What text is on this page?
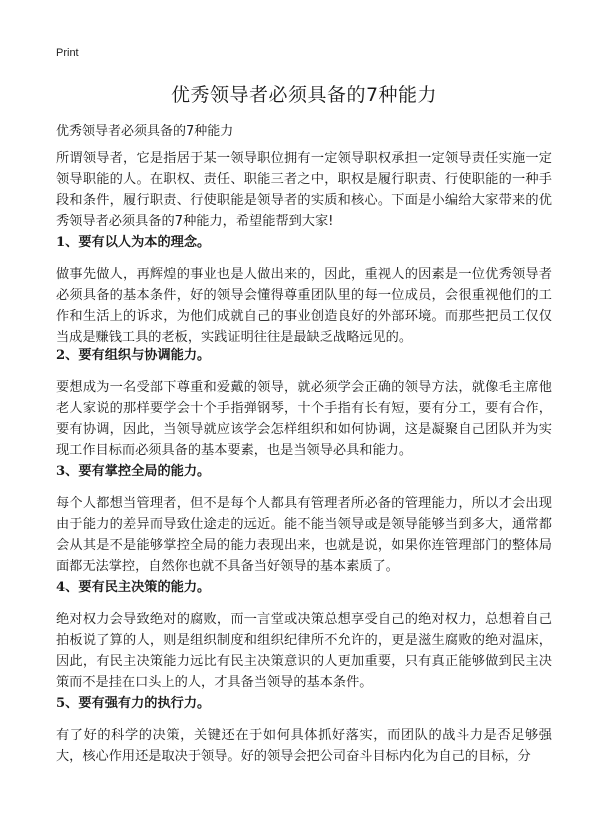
Print
优秀领导者必须具备的7种能力

优秀领导者必须具备的7种能力

所谓领导者，它是指居于某一领导职位拥有一定领导职权承担一定领导责任实施一定领导职能的人。在职权、责任、职能三者之中，职权是履行职责、行使职能的一种手段和条件，履行职责、行使职能是领导者的实质和核心。下面是小编给大家带来的优秀领导者必须具备的7种能力，希望能帮到大家!

1、要有以人为本的理念。

做事先做人，再辉煌的事业也是人做出来的，因此，重视人的因素是一位优秀领导者必须具备的基本条件，好的领导会懂得尊重团队里的每一位成员，会很重视他们的工作和生活上的诉求，为他们成就自己的事业创造良好的外部环境。而那些把员工仅仅当成是赚钱工具的老板，实践证明往往是最缺乏战略远见的。

2、要有组织与协调能力。

要想成为一名受部下尊重和爱戴的领导，就必须学会正确的领导方法，就像毛主席他老人家说的那样要学会十个手指弹钢琴，十个手指有长有短，要有分工，要有合作，要有协调，因此，当领导就应该学会怎样组织和如何协调，这是凝聚自己团队并为实现工作目标而必须具备的基本要素，也是当领导必具和能力。

3、要有掌控全局的能力。

每个人都想当管理者，但不是每个人都具有管理者所必备的管理能力，所以才会出现由于能力的差异而导致仕途走的远近。能不能当领导或是领导能够当到多大，通常都会从其是不是能够掌控全局的能力表现出来，也就是说，如果你连管理部门的整体局面都无法掌控，自然你也就不具备当好领导的基本素质了。

4、要有民主决策的能力。

绝对权力会导致绝对的腐败，而一言堂或决策总想享受自己的绝对权力，总想着自己拍板说了算的人，则是组织制度和组织纪律所不允许的，更是滋生腐败的绝对温床，因此，有民主决策能力远比有民主决策意识的人更加重要，只有真正能够做到民主决策而不是挂在口头上的人，才具备当领导的基本条件。

5、要有强有力的执行力。

有了好的科学的决策，关键还在于如何具体抓好落实，而团队的战斗力是否足够强大，核心作用还是取决于领导。好的领导会把公司奋斗目标内化为自己的目标，分
